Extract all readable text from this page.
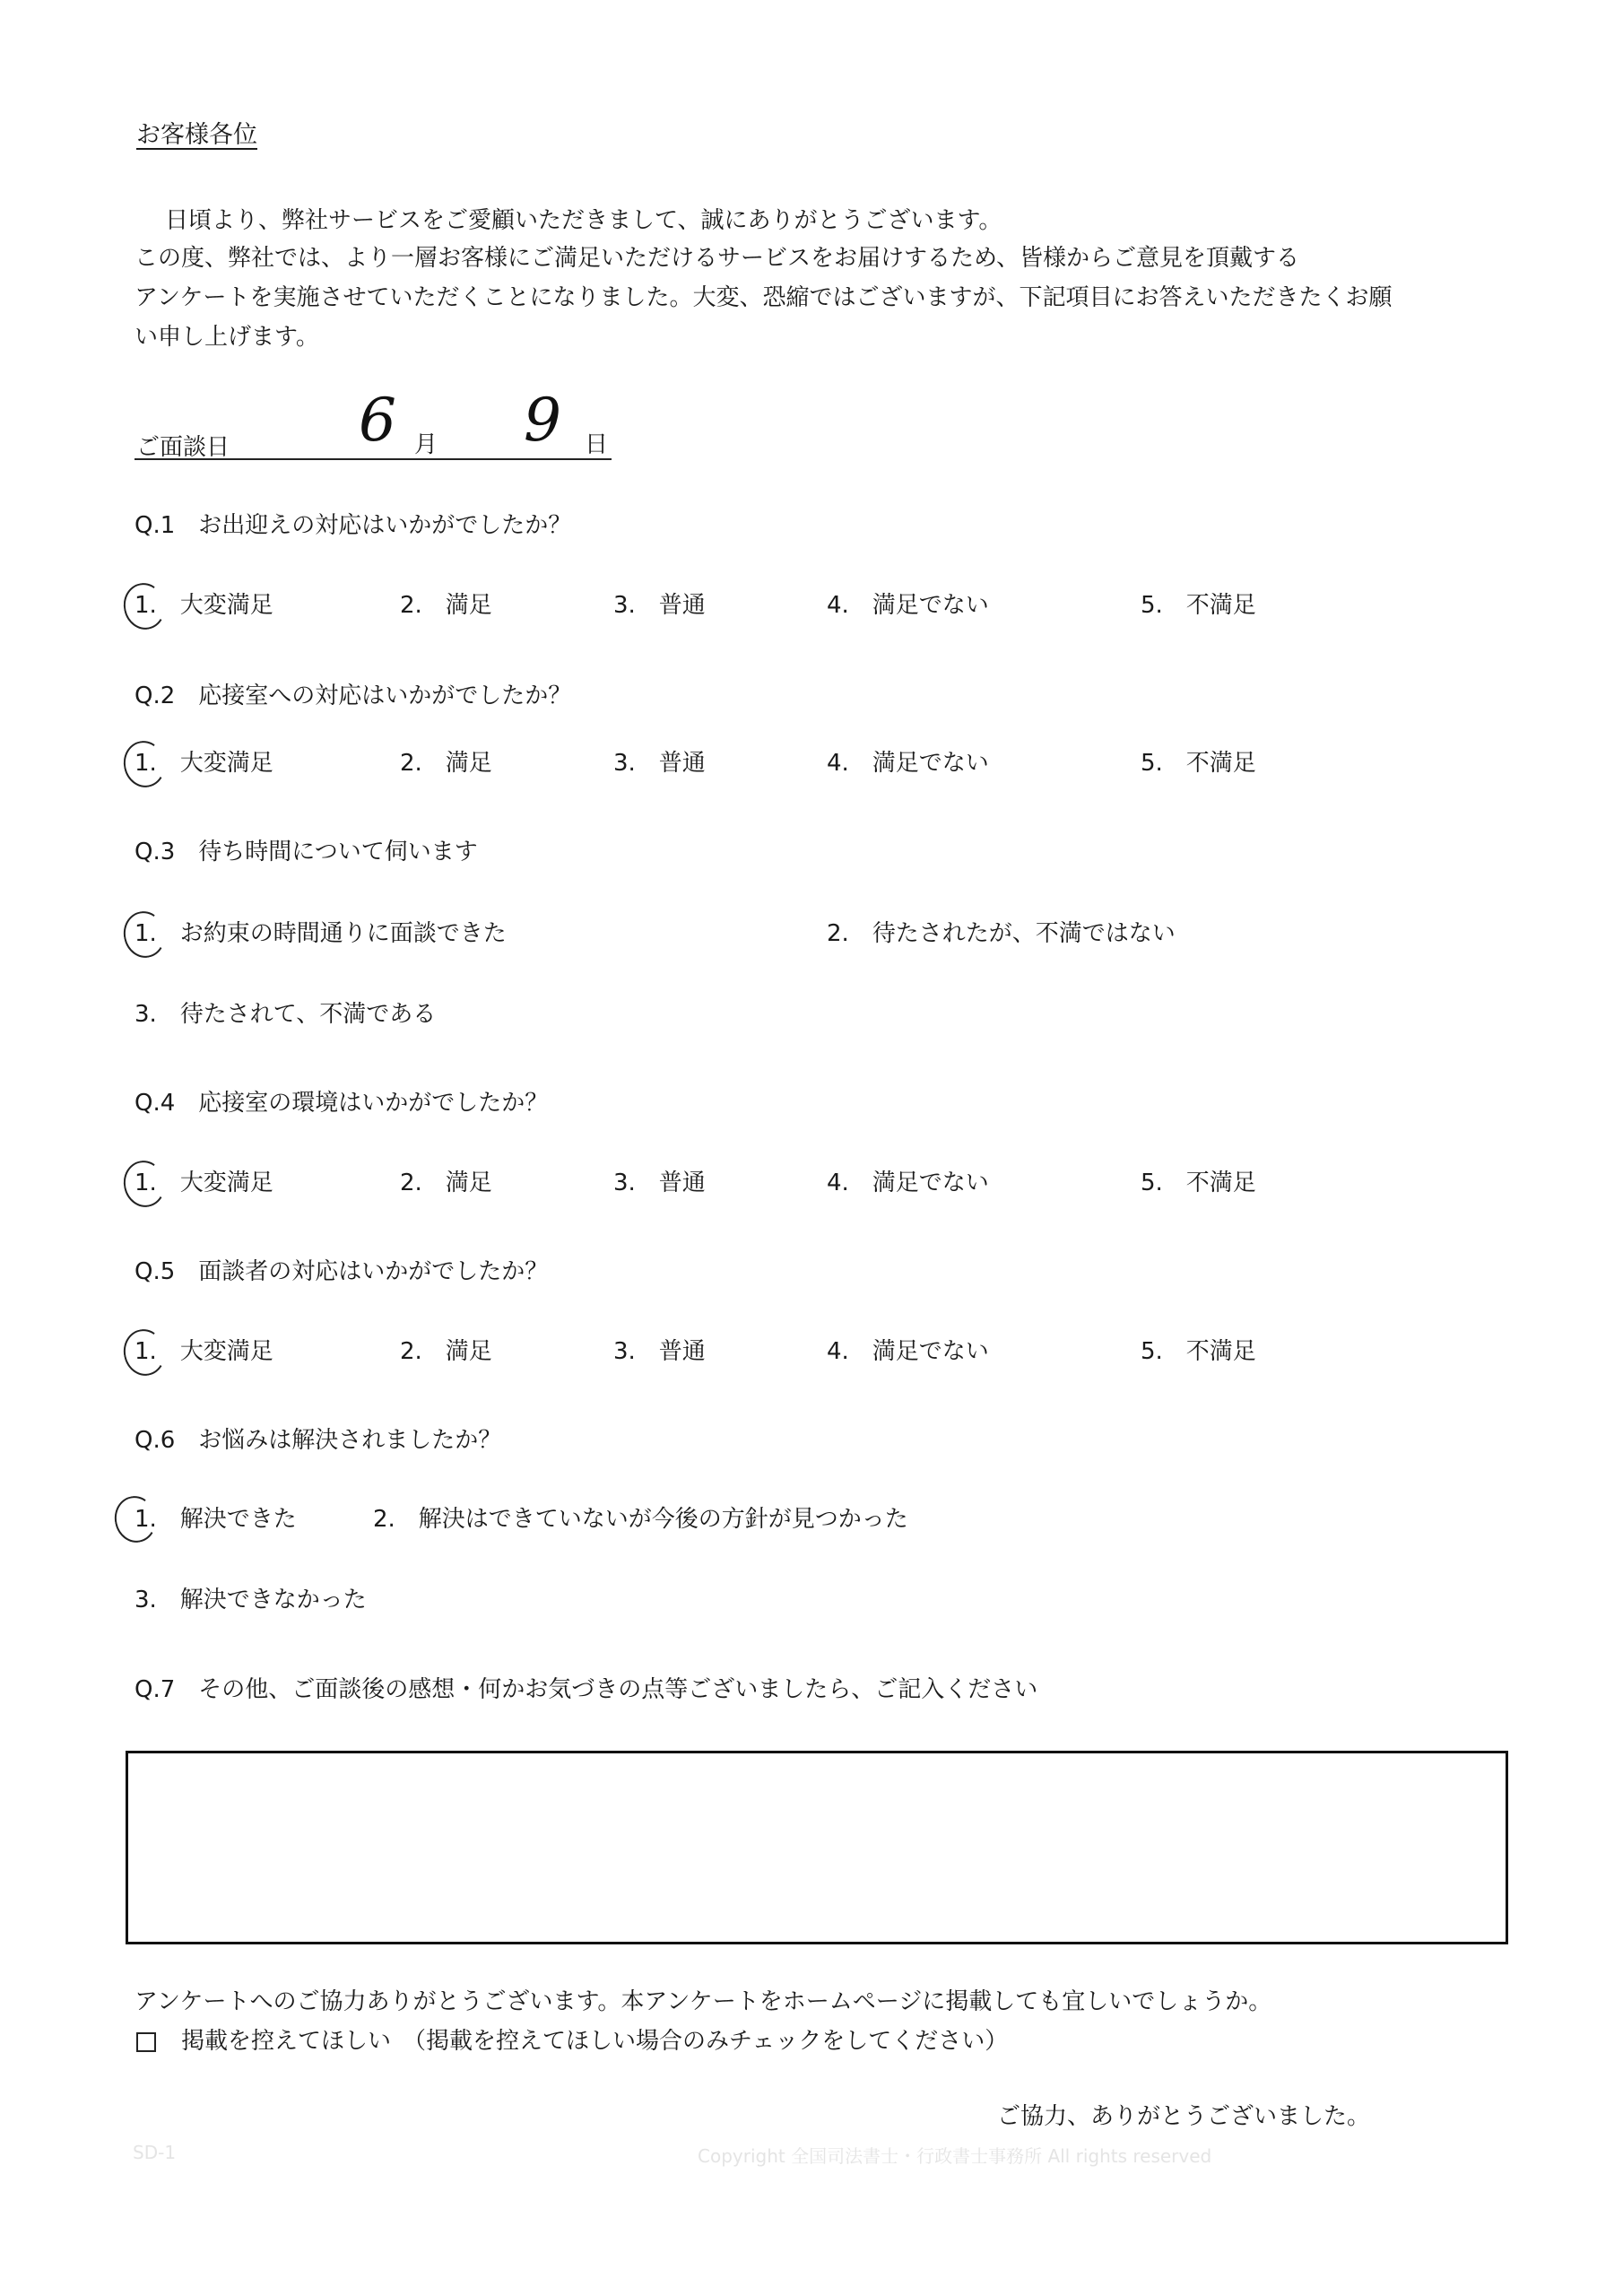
お客様各位
日頃より、弊社サービスをご愛顧いただきまして、誠にありがとうございます。
この度、弊社では、より一層お客様にご満足いただけるサービスをお届けするため、皆様からご意見を頂戴する
アンケートを実施させていただくことになりました。大変、恐縮ではございますが、下記項目にお答えいただきたくお願
い申し上げます。
ご面談日 6 月 9 日
Q.1　お出迎えの対応はいかがでしたか？
1.　大変満足	2.　満足	3.　普通	4.　満足でない	5.　不満足
Q.2　応接室への対応はいかがでしたか？
1.　大変満足	2.　満足	3.　普通	4.　満足でない	5.　不満足
Q.3　待ち時間について伺います
1.　お約束の時間通りに面談できた	2.　待たされたが、不満ではない
3.　待たされて、不満である
Q.4　応接室の環境はいかがでしたか？
1.　大変満足	2.　満足	3.　普通	4.　満足でない	5.　不満足
Q.5　面談者の対応はいかがでしたか？
1.　大変満足	2.　満足	3.　普通	4.　満足でない	5.　不満足
Q.6　お悩みは解決されましたか？
1.　解決できた	2.　解決はできていないが今後の方針が見つかった
3.　解決できなかった
Q.7　その他、ご面談後の感想・何かお気づきの点等ございましたら、ご記入ください
アンケートへのご協力ありがとうございます。本アンケートをホームページに掲載しても宜しいでしょうか。
掲載を控えてほしい　（掲載を控えてほしい場合のみチェックをしてください）
ご協力、ありがとうございました。
SD-1	Copyright 全国司法書士・行政書士事務所 All rights reserved
